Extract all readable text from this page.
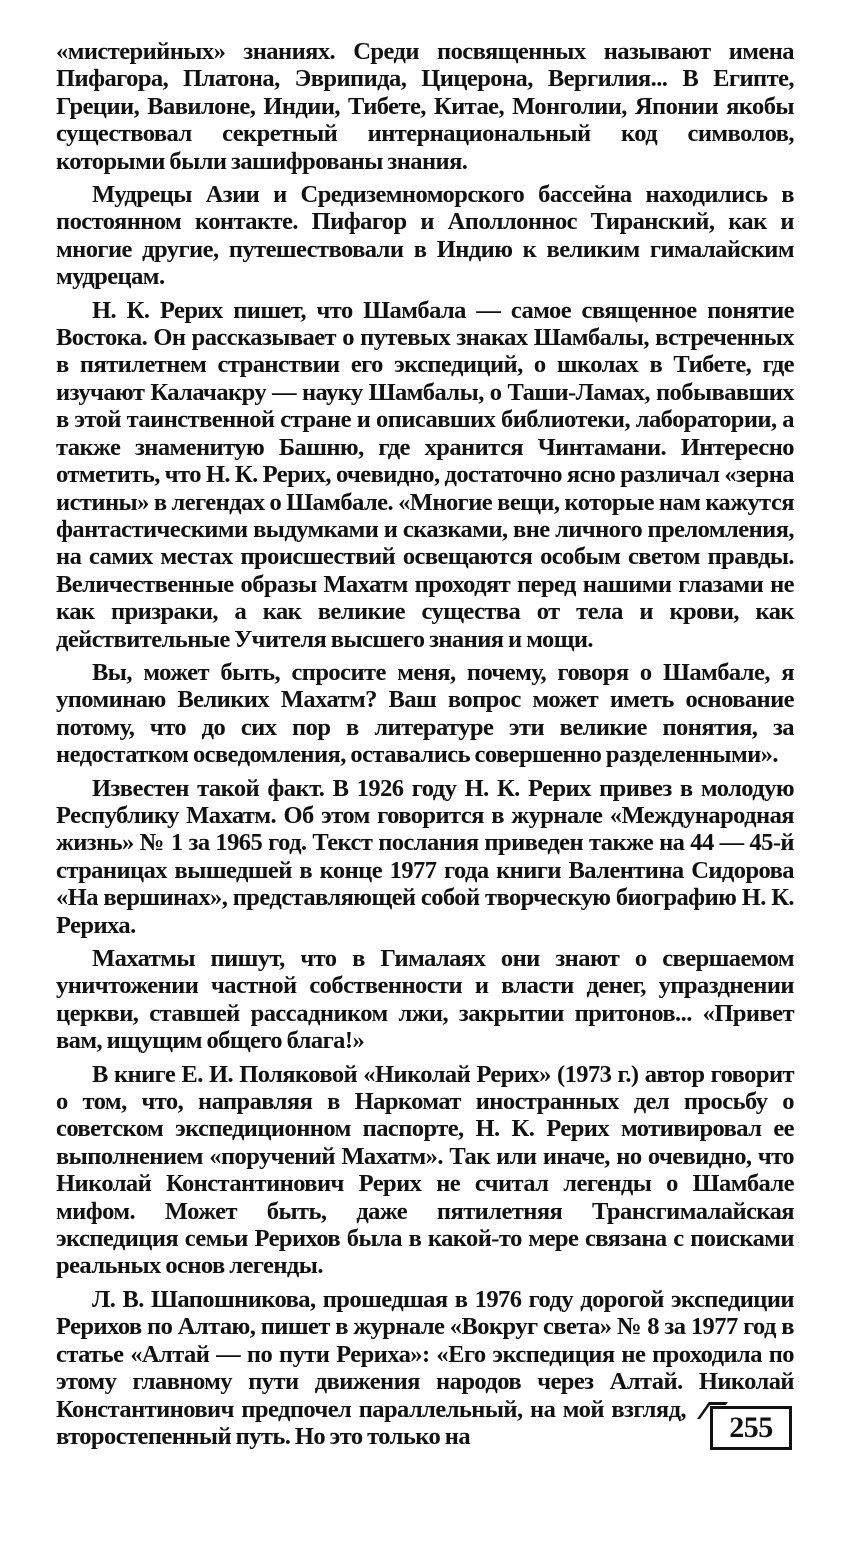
«мистерийных» знаниях. Среди посвященных называют имена Пифагора, Платона, Эврипида, Цицерона, Вергилия... В Египте, Греции, Вавилоне, Индии, Тибете, Китае, Монголии, Японии якобы существовал секретный интернациональный код символов, которыми были зашифрованы знания.

Мудрецы Азии и Средиземноморского бассейна находились в постоянном контакте. Пифагор и Аполлоннос Тиранский, как и многие другие, путешествовали в Индию к великим гималайским мудрецам.

Н. К. Рерих пишет, что Шамбала — самое священное понятие Востока. Он рассказывает о путевых знаках Шамбалы, встреченных в пятилетнем странствии его экспедиций, о школах в Тибете, где изучают Калачакру — науку Шамбалы, о Таши-Ламах, побывавших в этой таинственной стране и описавших библиотеки, лаборатории, а также знаменитую Башню, где хранится Чинтамани. Интересно отметить, что Н. К. Рерих, очевидно, достаточно ясно различал «зерна истины» в легендах о Шамбале. «Многие вещи, которые нам кажутся фантастическими выдумками и сказками, вне личного преломления, на самих местах происшествий освещаются особым светом правды. Величественные образы Махатм проходят перед нашими глазами не как призраки, а как великие существа от тела и крови, как действительные Учителя высшего знания и мощи.

Вы, может быть, спросите меня, почему, говоря о Шамбале, я упоминаю Великих Махатм? Ваш вопрос может иметь основание потому, что до сих пор в литературе эти великие понятия, за недостатком осведомления, оставались совершенно разделенными».

Известен такой факт. В 1926 году Н. К. Рерих привез в молодую Республику Махатм. Об этом говорится в журнале «Международная жизнь» № 1 за 1965 год. Текст послания приведен также на 44 — 45-й страницах вышедшей в конце 1977 года книги Валентина Сидорова «На вершинах», представляющей собой творческую биографию Н. К. Рериха.

Махатмы пишут, что в Гималаях они знают о свершаемом уничтожении частной собственности и власти денег, упразднении церкви, ставшей рассадником лжи, закрытии притонов... «Привет вам, ищущим общего блага!»

В книге Е. И. Поляковой «Николай Рерих» (1973 г.) автор говорит о том, что, направляя в Наркомат иностранных дел просьбу о советском экспедиционном паспорте, Н. К. Рерих мотивировал ее выполнением «поручений Махатм». Так или иначе, но очевидно, что Николай Константинович Рерих не считал легенды о Шамбале мифом. Может быть, даже пятилетняя Трансгималайская экспедиция семьи Рерихов была в какой-то мере связана с поисками реальных основ легенды.

Л. В. Шапошникова, прошедшая в 1976 году дорогой экспедиции Рерихов по Алтаю, пишет в журнале «Вокруг света» № 8 за 1977 год в статье «Алтай — по пути Рериха»: «Его экспедиция не проходила по этому главному пути движения народов через Алтай. Николай Константинович предпочел параллельный, на мой взгляд, второстепенный путь. Но это только на	255
